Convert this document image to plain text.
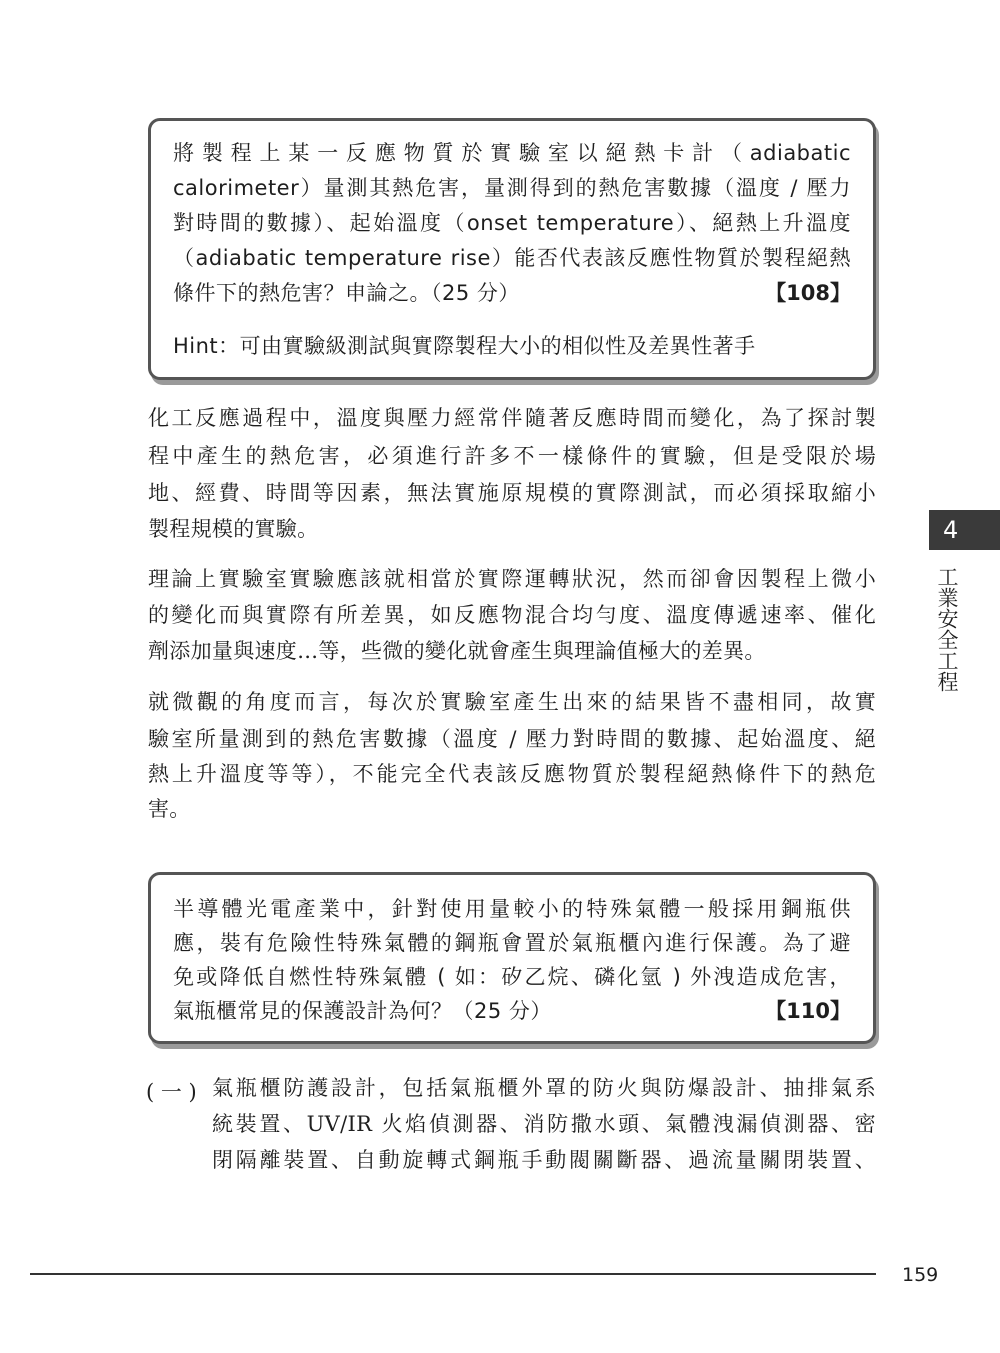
將製程上某一反應物質於實驗室以絕熱卡計（adiabatic
calorimeter）量測其熱危害，量測得到的熱危害數據（溫度 / 壓力
對時間的數據）、起始溫度（onset temperature）、絕熱上升溫度
（adiabatic temperature rise）能否代表該反應性物質於製程絕熱
條件下的熱危害？申論之。（25 分）	【108】
Hint：可由實驗級測試與實際製程大小的相似性及差異性著手
化工反應過程中，溫度與壓力經常伴隨著反應時間而變化，為了探討製
程中產生的熱危害，必須進行許多不一樣條件的實驗，但是受限於場
地、經費、時間等因素，無法實施原規模的實際測試，而必須採取縮小
製程規模的實驗。
理論上實驗室實驗應該就相當於實際運轉狀況，然而卻會因製程上微小
的變化而與實際有所差異，如反應物混合均勻度、溫度傳遞速率、催化
劑添加量與速度…等，些微的變化就會產生與理論值極大的差異。
就微觀的角度而言，每次於實驗室產生出來的結果皆不盡相同，故實
驗室所量測到的熱危害數據（溫度 / 壓力對時間的數據、起始溫度、絕
熱上升溫度等等），不能完全代表該反應物質於製程絕熱條件下的熱危
害。
半導體光電產業中，針對使用量較小的特殊氣體一般採用鋼瓶供
應，裝有危險性特殊氣體的鋼瓶會置於氣瓶櫃內進行保護。為了避
免或降低自燃性特殊氣體 ( 如：矽乙烷、磷化氫 ) 外洩造成危害，
氣瓶櫃常見的保護設計為何？（25 分）	【110】
( 一 ) 氣瓶櫃防護設計，包括氣瓶櫃外罩的防火與防爆設計、抽排氣系
統裝置、UV/IR 火焰偵測器、消防撒水頭、氣體洩漏偵測器、密
閉隔離裝置、自動旋轉式鋼瓶手動閥關斷器、過流量關閉裝置、
4
工業安全工程
159
